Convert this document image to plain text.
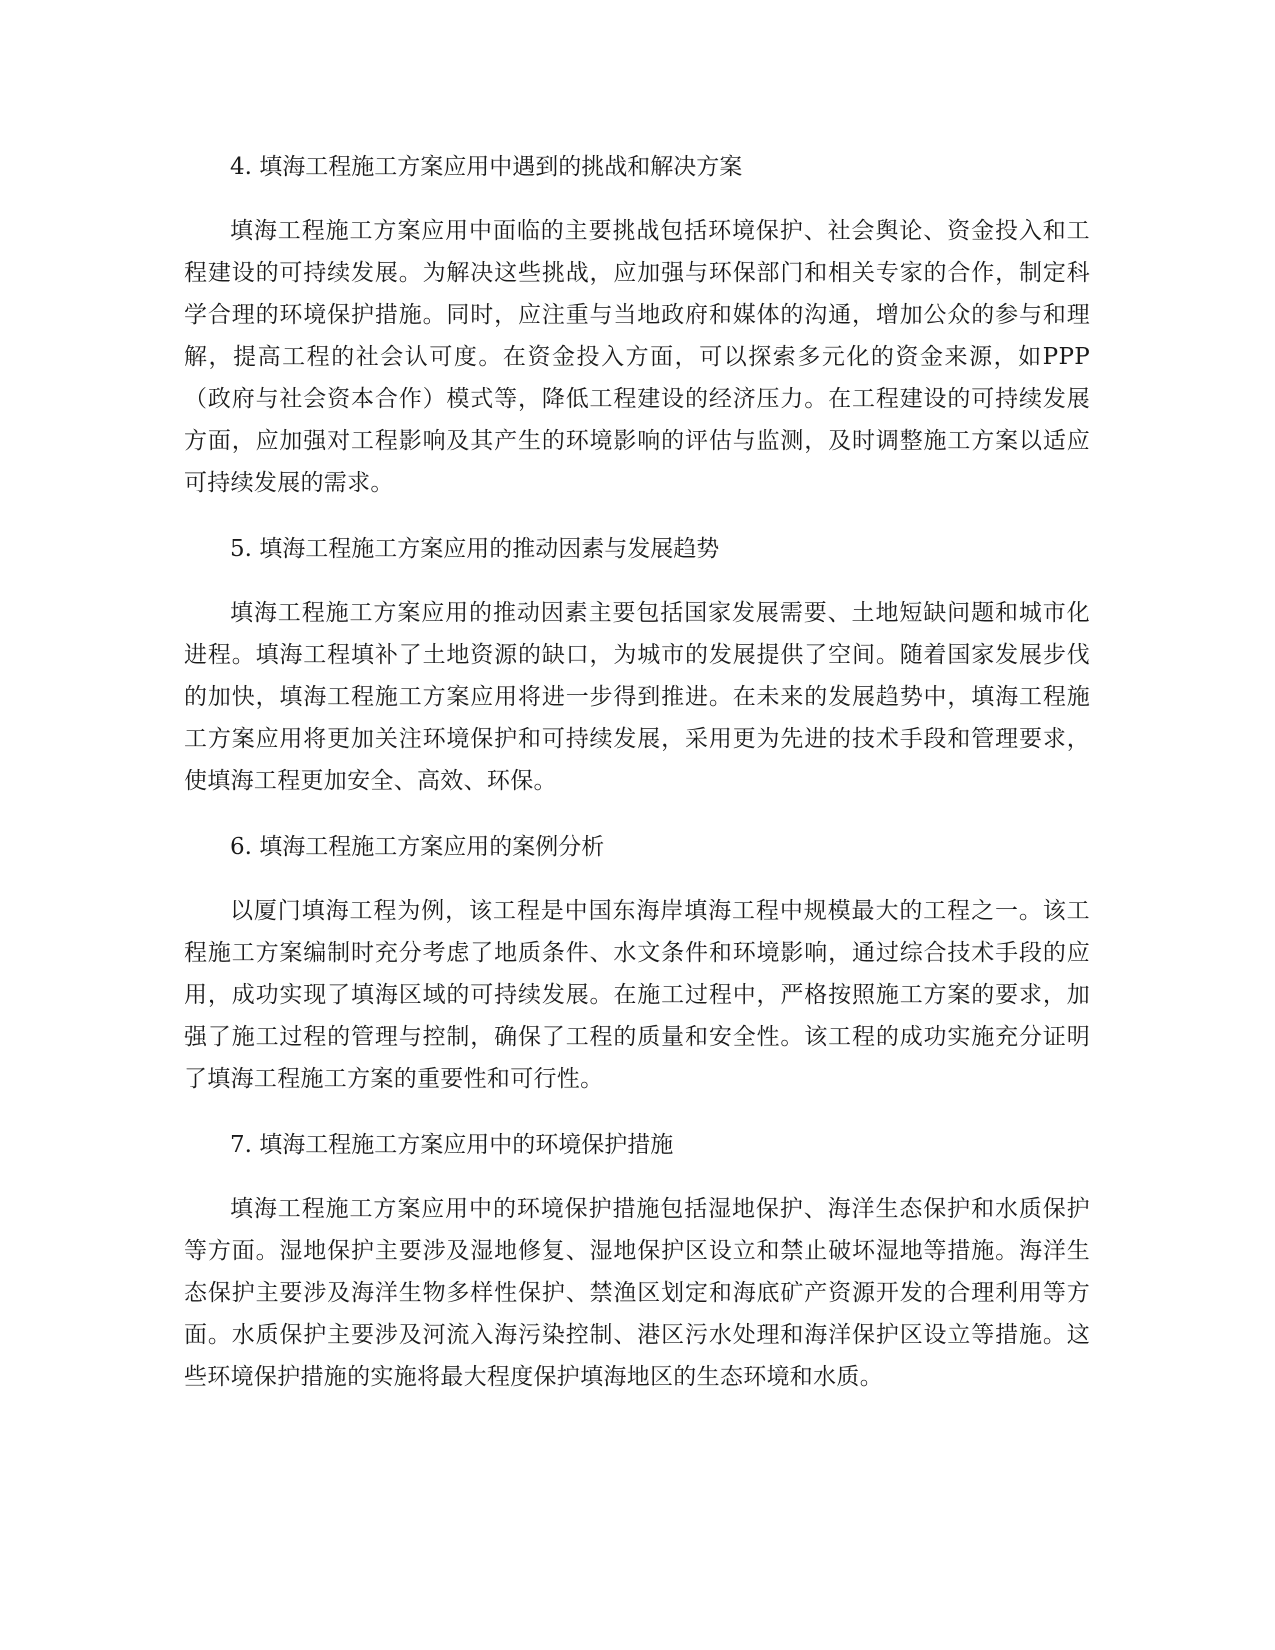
4. 填海工程施工方案应用中遇到的挑战和解决方案

填海工程施工方案应用中面临的主要挑战包括环境保护、社会舆论、资金投入和工程建设的可持续发展。为解决这些挑战，应加强与环保部门和相关专家的合作，制定科学合理的环境保护措施。同时，应注重与当地政府和媒体的沟通，增加公众的参与和理解，提高工程的社会认可度。在资金投入方面，可以探索多元化的资金来源，如PPP（政府与社会资本合作）模式等，降低工程建设的经济压力。在工程建设的可持续发展方面，应加强对工程影响及其产生的环境影响的评估与监测，及时调整施工方案以适应可持续发展的需求。

5. 填海工程施工方案应用的推动因素与发展趋势

填海工程施工方案应用的推动因素主要包括国家发展需要、土地短缺问题和城市化进程。填海工程填补了土地资源的缺口，为城市的发展提供了空间。随着国家发展步伐的加快，填海工程施工方案应用将进一步得到推进。在未来的发展趋势中，填海工程施工方案应用将更加关注环境保护和可持续发展，采用更为先进的技术手段和管理要求，使填海工程更加安全、高效、环保。

6. 填海工程施工方案应用的案例分析

以厦门填海工程为例，该工程是中国东海岸填海工程中规模最大的工程之一。该工程施工方案编制时充分考虑了地质条件、水文条件和环境影响，通过综合技术手段的应用，成功实现了填海区域的可持续发展。在施工过程中，严格按照施工方案的要求，加强了施工过程的管理与控制，确保了工程的质量和安全性。该工程的成功实施充分证明了填海工程施工方案的重要性和可行性。

7. 填海工程施工方案应用中的环境保护措施

填海工程施工方案应用中的环境保护措施包括湿地保护、海洋生态保护和水质保护等方面。湿地保护主要涉及湿地修复、湿地保护区设立和禁止破坏湿地等措施。海洋生态保护主要涉及海洋生物多样性保护、禁渔区划定和海底矿产资源开发的合理利用等方面。水质保护主要涉及河流入海污染控制、港区污水处理和海洋保护区设立等措施。这些环境保护措施的实施将最大程度保护填海地区的生态环境和水质。
